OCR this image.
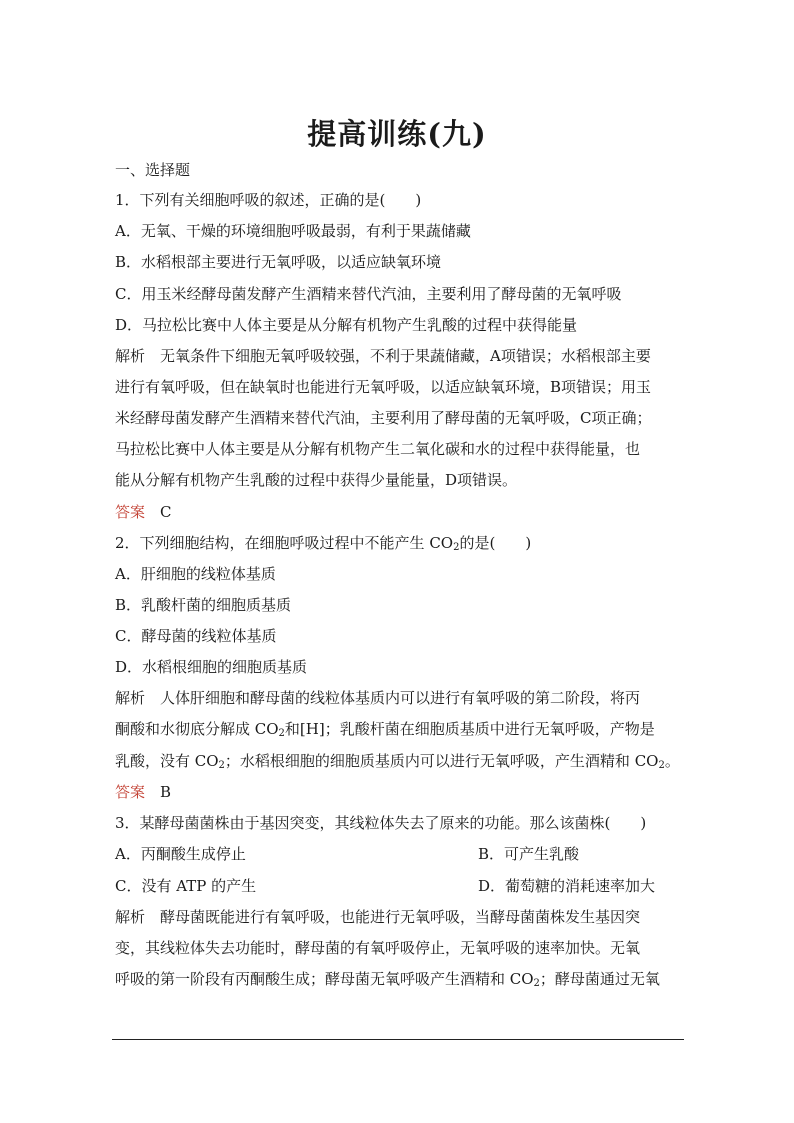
提高训练(九)
一、选择题
1．下列有关细胞呼吸的叙述，正确的是(　　)
A．无氧、干燥的环境细胞呼吸最弱，有利于果蔬储藏
B．水稻根部主要进行无氧呼吸，以适应缺氧环境
C．用玉米经酵母菌发酵产生酒精来替代汽油，主要利用了酵母菌的无氧呼吸
D．马拉松比赛中人体主要是从分解有机物产生乳酸的过程中获得能量
解析　无氧条件下细胞无氧呼吸较强，不利于果蔬储藏，A项错误；水稻根部主要
进行有氧呼吸，但在缺氧时也能进行无氧呼吸，以适应缺氧环境，B项错误；用玉
米经酵母菌发酵产生酒精来替代汽油，主要利用了酵母菌的无氧呼吸，C项正确；
马拉松比赛中人体主要是从分解有机物产生二氧化碳和水的过程中获得能量，也
能从分解有机物产生乳酸的过程中获得少量能量，D项错误。
答案　 C
2．下列细胞结构，在细胞呼吸过程中不能产生 $CO_2$的是(　　)
A．肝细胞的线粒体基质
B．乳酸杆菌的细胞质基质
C．酵母菌的线粒体基质
D．水稻根细胞的细胞质基质
解析　人体肝细胞和酵母菌的线粒体基质内可以进行有氧呼吸的第二阶段，将丙
酮酸和水彻底分解成 $CO_2$和[H]；乳酸杆菌在细胞质基质中进行无氧呼吸，产物是
乳酸，没有 $CO_2$；水稻根细胞的细胞质基质内可以进行无氧呼吸，产生酒精和 $CO_2$。
答案　 B
3．某酵母菌菌株由于基因突变，其线粒体失去了原来的功能。那么该菌株(　　)
A．丙酮酸生成停止	B．可产生乳酸
C．没有 ATP 的产生	D．葡萄糖的消耗速率加大
解析　酵母菌既能进行有氧呼吸，也能进行无氧呼吸，当酵母菌菌株发生基因突
变，其线粒体失去功能时，酵母菌的有氧呼吸停止，无氧呼吸的速率加快。无氧
呼吸的第一阶段有丙酮酸生成；酵母菌无氧呼吸产生酒精和 $CO_2$；酵母菌通过无氧
